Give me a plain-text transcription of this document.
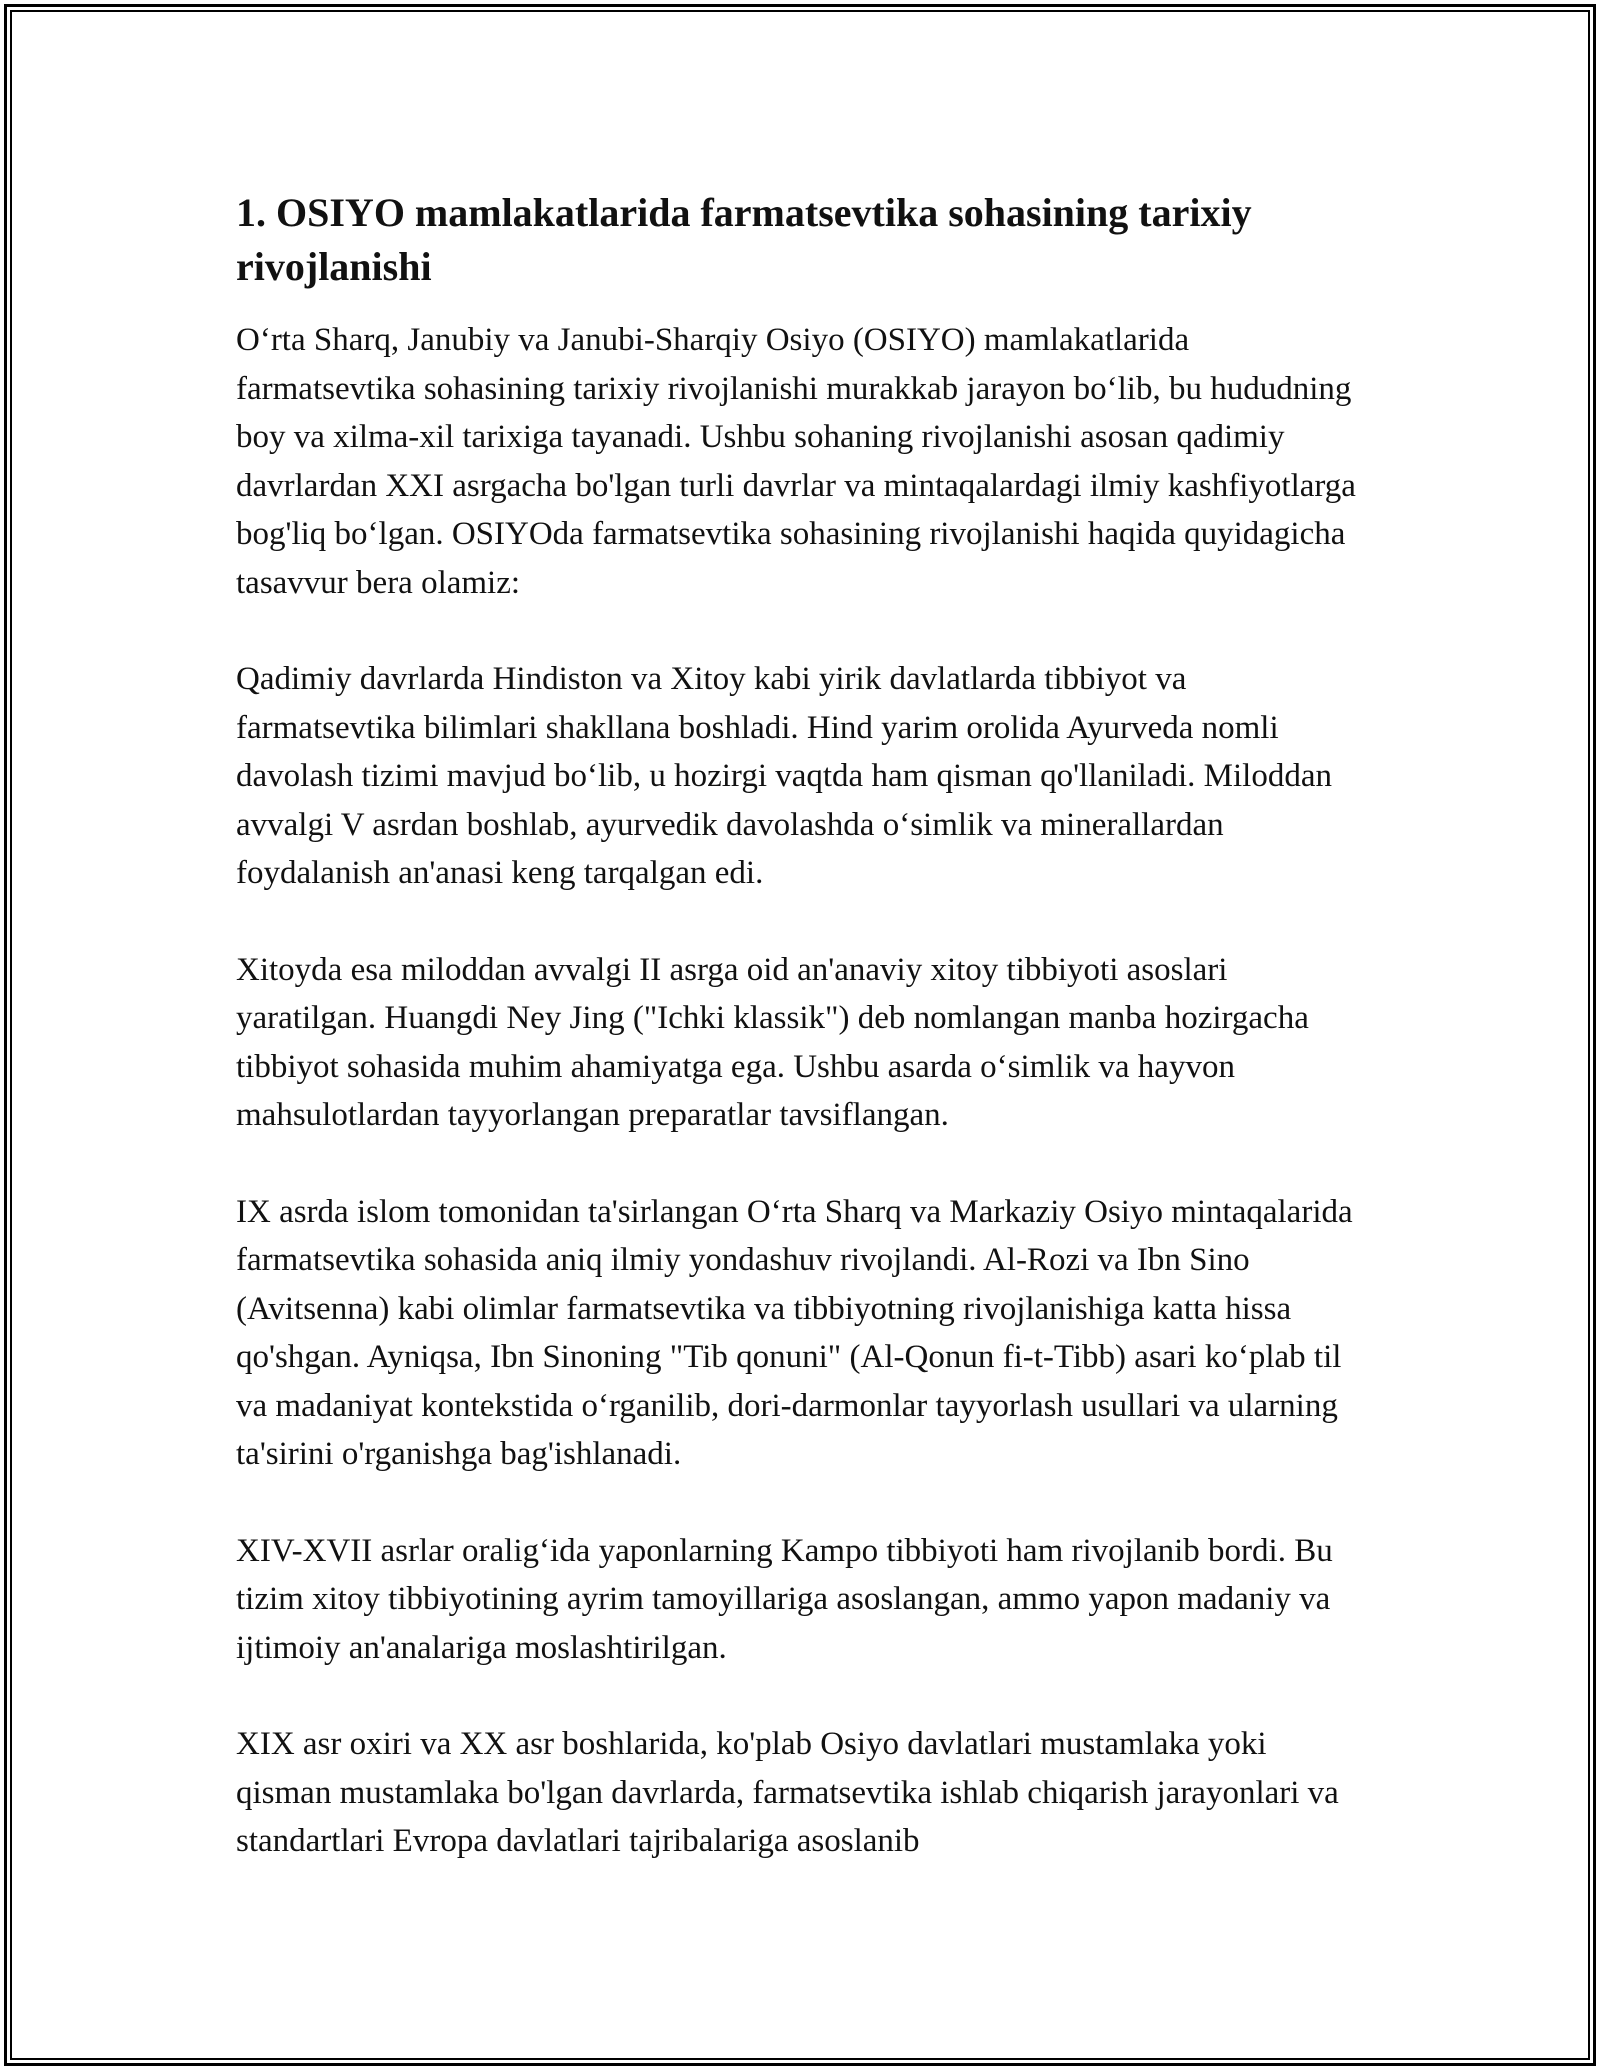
1. OSIYO mamlakatlarida farmatsevtika sohasining tarixiy rivojlanishi

O‘rta Sharq, Janubiy va Janubi-Sharqiy Osiyo (OSIYO) mamlakatlarida farmatsevtika sohasining tarixiy rivojlanishi murakkab jarayon bo‘lib, bu hududning boy va xilma-xil tarixiga tayanadi. Ushbu sohaning rivojlanishi asosan qadimiy davrlardan XXI asrgacha bo'lgan turli davrlar va mintaqalardagi ilmiy kashfiyotlarga bog'liq bo‘lgan. OSIYOda farmatsevtika sohasining rivojlanishi haqida quyidagicha tasavvur bera olamiz:

Qadimiy davrlarda Hindiston va Xitoy kabi yirik davlatlarda tibbiyot va farmatsevtika bilimlari shakllana boshladi. Hind yarim orolida Ayurveda nomli davolash tizimi mavjud bo‘lib, u hozirgi vaqtda ham qisman qo'llaniladi. Miloddan avvalgi V asrdan boshlab, ayurvedik davolashda o‘simlik va minerallardan foydalanish an'anasi keng tarqalgan edi.

Xitoyda esa miloddan avvalgi II asrga oid an'anaviy xitoy tibbiyoti asoslari yaratilgan. Huangdi Ney Jing ("Ichki klassik") deb nomlangan manba hozirgacha tibbiyot sohasida muhim ahamiyatga ega. Ushbu asarda o‘simlik va hayvon mahsulotlardan tayyorlangan preparatlar tavsiflangan.

IX asrda islom tomonidan ta'sirlangan O‘rta Sharq va Markaziy Osiyo mintaqalarida farmatsevtika sohasida aniq ilmiy yondashuv rivojlandi. Al-Rozi va Ibn Sino (Avitsenna) kabi olimlar farmatsevtika va tibbiyotning rivojlanishiga katta hissa qo'shgan. Ayniqsa, Ibn Sinoning "Tib qonuni" (Al-Qonun fi-t-Tibb) asari ko‘plab til va madaniyat kontekstida o‘rganilib, dori-darmonlar tayyorlash usullari va ularning ta'sirini o'rganishga bag'ishlanadi.

XIV-XVII asrlar oralig‘ida yaponlarning Kampo tibbiyoti ham rivojlanib bordi. Bu tizim xitoy tibbiyotining ayrim tamoyillariga asoslangan, ammo yapon madaniy va ijtimoiy an'analariga moslashtirilgan.

XIX asr oxiri va XX asr boshlarida, ko'plab Osiyo davlatlari mustamlaka yoki qisman mustamlaka bo'lgan davrlarda, farmatsevtika ishlab chiqarish jarayonlari va standartlari Evropa davlatlari tajribalariga asoslanib
